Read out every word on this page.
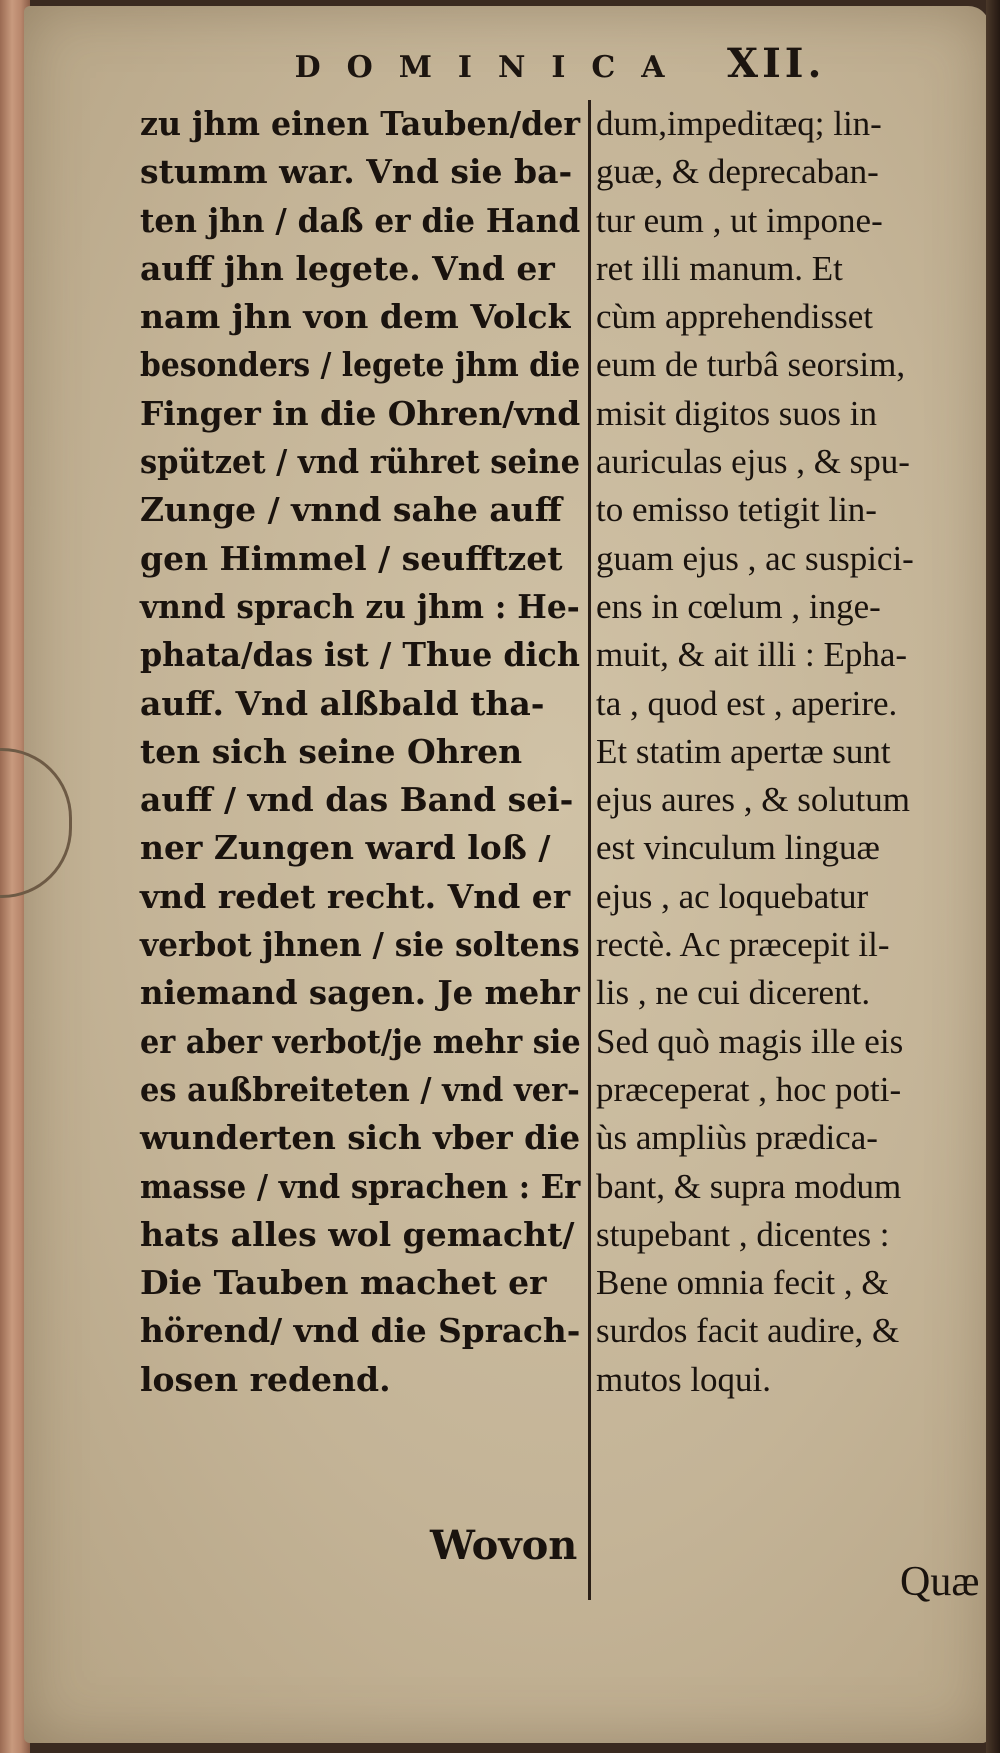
DOMINICA XII.
zu jhm einen Tauben/der
stumm war. Vnd sie ba-
ten jhn / daß er die Hand
auff jhn legete. Vnd er
nam jhn von dem Volck
besonders / legete jhm die
Finger in die Ohren/vnd
spützet / vnd rühret seine
Zunge / vnnd sahe auff
gen Himmel / seufftzet
vnnd sprach zu jhm : He-
phata/das ist / Thue dich
auff. Vnd alßbald tha-
ten sich seine Ohren
auff / vnd das Band sei-
ner Zungen ward loß /
vnd redet recht. Vnd er
verbot jhnen / sie soltens
niemand sagen. Je mehr
er aber verbot/je mehr sie
es außbreiteten / vnd ver-
wunderten sich vber die
masse / vnd sprachen : Er
hats alles wol gemacht/
Die Tauben machet er
hörend/ vnd die Sprach-
losen redend.
dum,impeditæq; lin-
guæ, & deprecaban-
tur eum , ut impone-
ret illi manum. Et
cùm apprehendisset
eum de turbâ seorsim,
misit digitos suos in
auriculas ejus , & spu-
to emisso tetigit lin-
guam ejus , ac suspici-
ens in cœlum , inge-
muit, & ait illi : Epha-
ta , quod est , aperire.
Et statim apertæ sunt
ejus aures , & solutum
est vinculum linguæ
ejus , ac loquebatur
rectè. Ac præcepit il-
lis , ne cui dicerent.
Sed quò magis ille eis
præceperat , hoc poti-
ùs ampliùs prædica-
bant, & supra modum
stupebant , dicentes :
Bene omnia fecit , &
surdos facit audire, &
mutos loqui.
Wovon
Quæ
